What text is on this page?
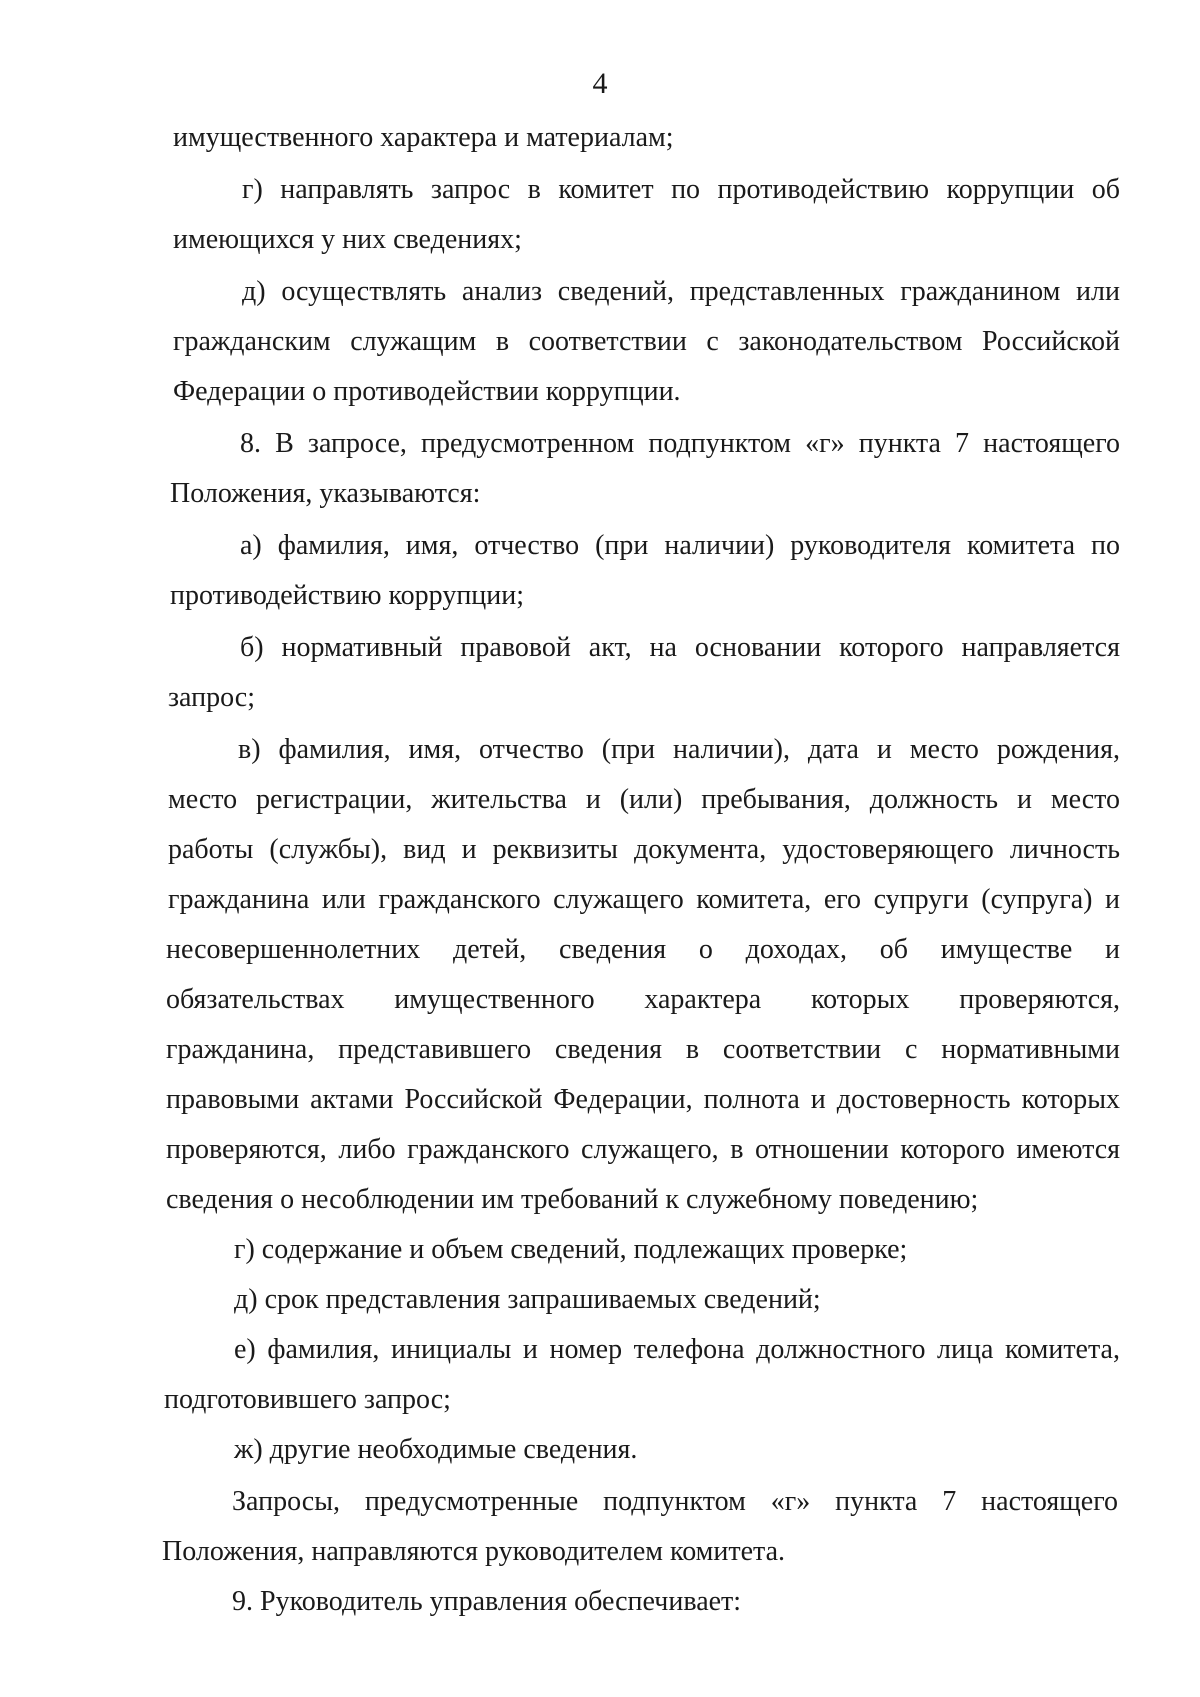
4
имущественного характера и материалам;
г) направлять запрос в комитет по противодействию коррупции об
имеющихся у них сведениях;
д) осуществлять анализ сведений, представленных гражданином или
гражданским служащим в соответствии с законодательством Российской
Федерации о противодействии коррупции.
8. В запросе, предусмотренном подпунктом «г» пункта 7 настоящего
Положения, указываются:
а) фамилия, имя, отчество (при наличии) руководителя комитета по
противодействию коррупции;
б) нормативный правовой акт, на основании которого направляется
запрос;
в) фамилия, имя, отчество (при наличии), дата и место рождения,
место регистрации, жительства и (или) пребывания, должность и место
работы (службы), вид и реквизиты документа, удостоверяющего личность
гражданина или гражданского служащего комитета, его супруги (супруга) и
несовершеннолетних детей, сведения о доходах, об имуществе и
обязательствах имущественного характера которых проверяются,
гражданина, представившего сведения в соответствии с нормативными
правовыми актами Российской Федерации, полнота и достоверность которых
проверяются, либо гражданского служащего, в отношении которого имеются
сведения о несоблюдении им требований к служебному поведению;
г) содержание и объем сведений, подлежащих проверке;
д) срок представления запрашиваемых сведений;
е) фамилия, инициалы и номер телефона должностного лица комитета,
подготовившего запрос;
ж) другие необходимые сведения.
Запросы, предусмотренные подпунктом «г» пункта 7 настоящего
Положения, направляются руководителем комитета.
9. Руководитель управления обеспечивает:
